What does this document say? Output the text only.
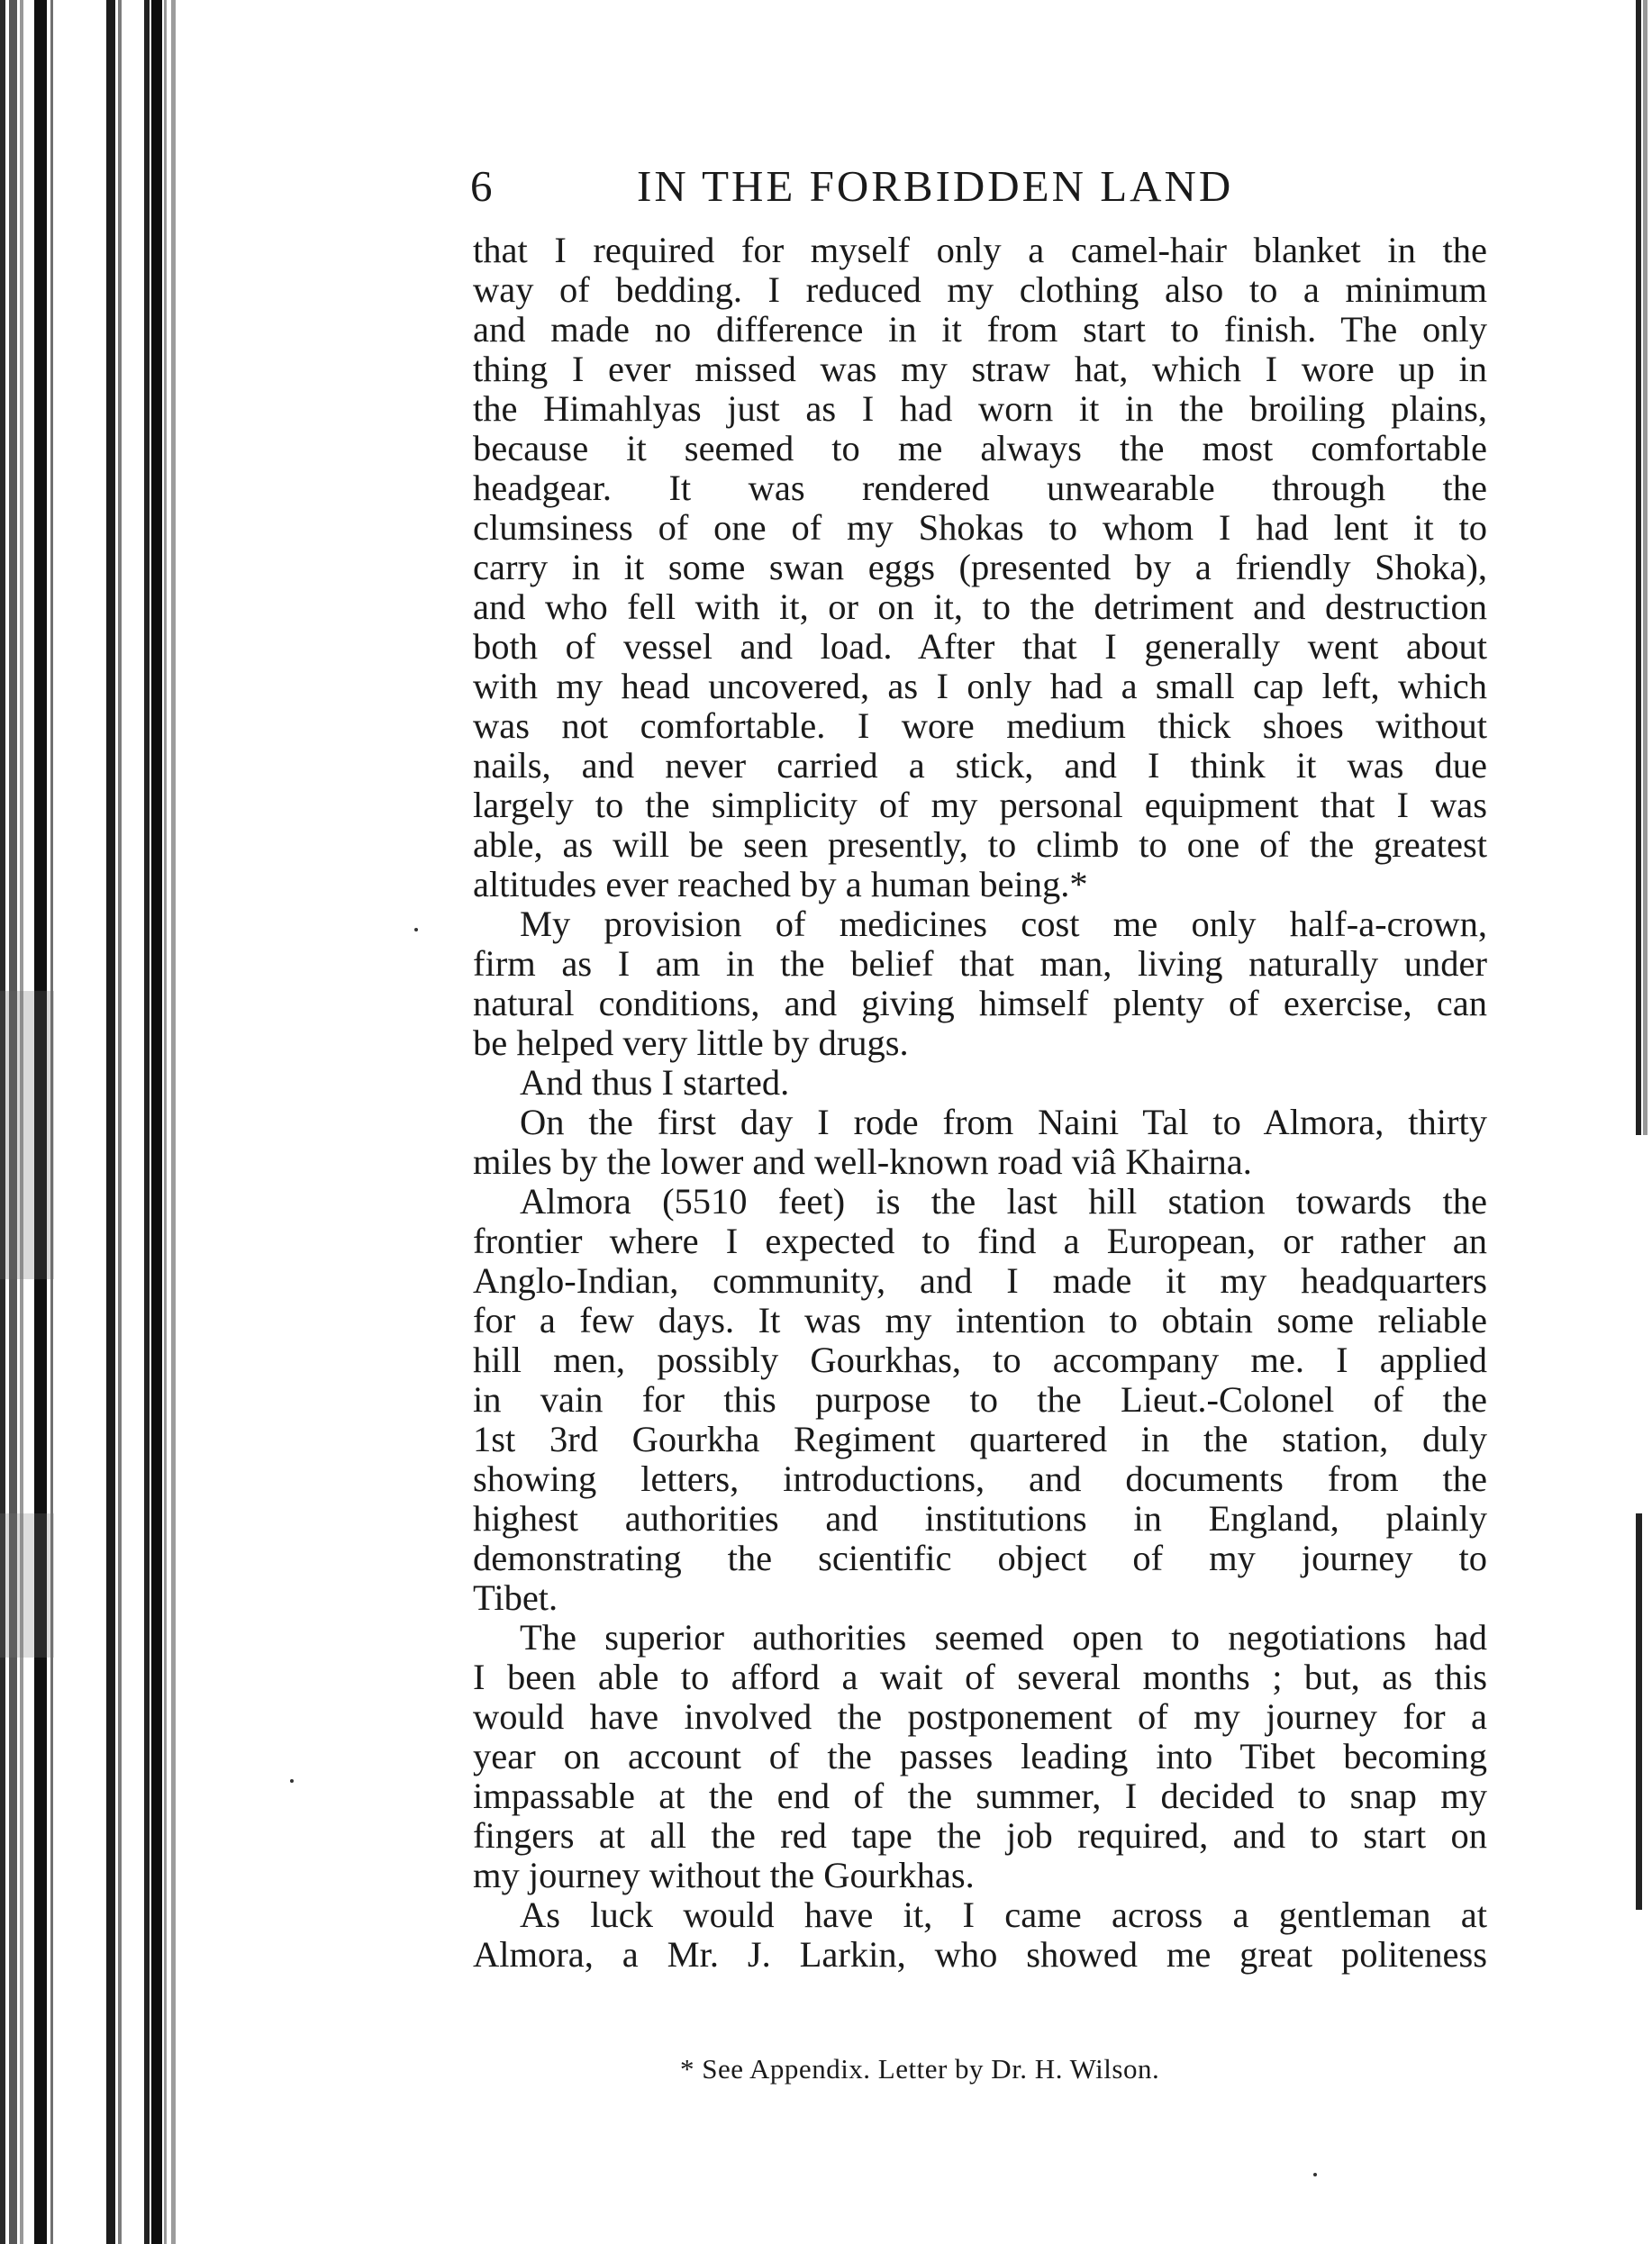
6	IN THE FORBIDDEN LAND
that I required for myself only a camel-hair blanket in the
way of bedding. I reduced my clothing also to a minimum
and made no difference in it from start to finish. The only
thing I ever missed was my straw hat, which I wore up in
the Himahlyas just as I had worn it in the broiling plains,
because it seemed to me always the most comfortable
headgear. It was rendered unwearable through the
clumsiness of one of my Shokas to whom I had lent it to
carry in it some swan eggs (presented by a friendly Shoka),
and who fell with it, or on it, to the detriment and destruction
both of vessel and load. After that I generally went about
with my head uncovered, as I only had a small cap left, which
was not comfortable. I wore medium thick shoes without
nails, and never carried a stick, and I think it was due
largely to the simplicity of my personal equipment that I was
able, as will be seen presently, to climb to one of the greatest
altitudes ever reached by a human being.*
My provision of medicines cost me only half-a-crown,
firm as I am in the belief that man, living naturally under
natural conditions, and giving himself plenty of exercise, can
be helped very little by drugs.
And thus I started.
On the first day I rode from Naini Tal to Almora, thirty
miles by the lower and well-known road viâ Khairna.
Almora (5510 feet) is the last hill station towards the
frontier where I expected to find a European, or rather an
Anglo-Indian, community, and I made it my headquarters
for a few days. It was my intention to obtain some reliable
hill men, possibly Gourkhas, to accompany me. I applied
in vain for this purpose to the Lieut.-Colonel of the
1st 3rd Gourkha Regiment quartered in the station, duly
showing letters, introductions, and documents from the
highest authorities and institutions in England, plainly
demonstrating the scientific object of my journey to
Tibet.
The superior authorities seemed open to negotiations had
I been able to afford a wait of several months ; but, as this
would have involved the postponement of my journey for a
year on account of the passes leading into Tibet becoming
impassable at the end of the summer, I decided to snap my
fingers at all the red tape the job required, and to start on
my journey without the Gourkhas.
As luck would have it, I came across a gentleman at
Almora, a Mr. J. Larkin, who showed me great politeness
* See Appendix. Letter by Dr. H. Wilson.
